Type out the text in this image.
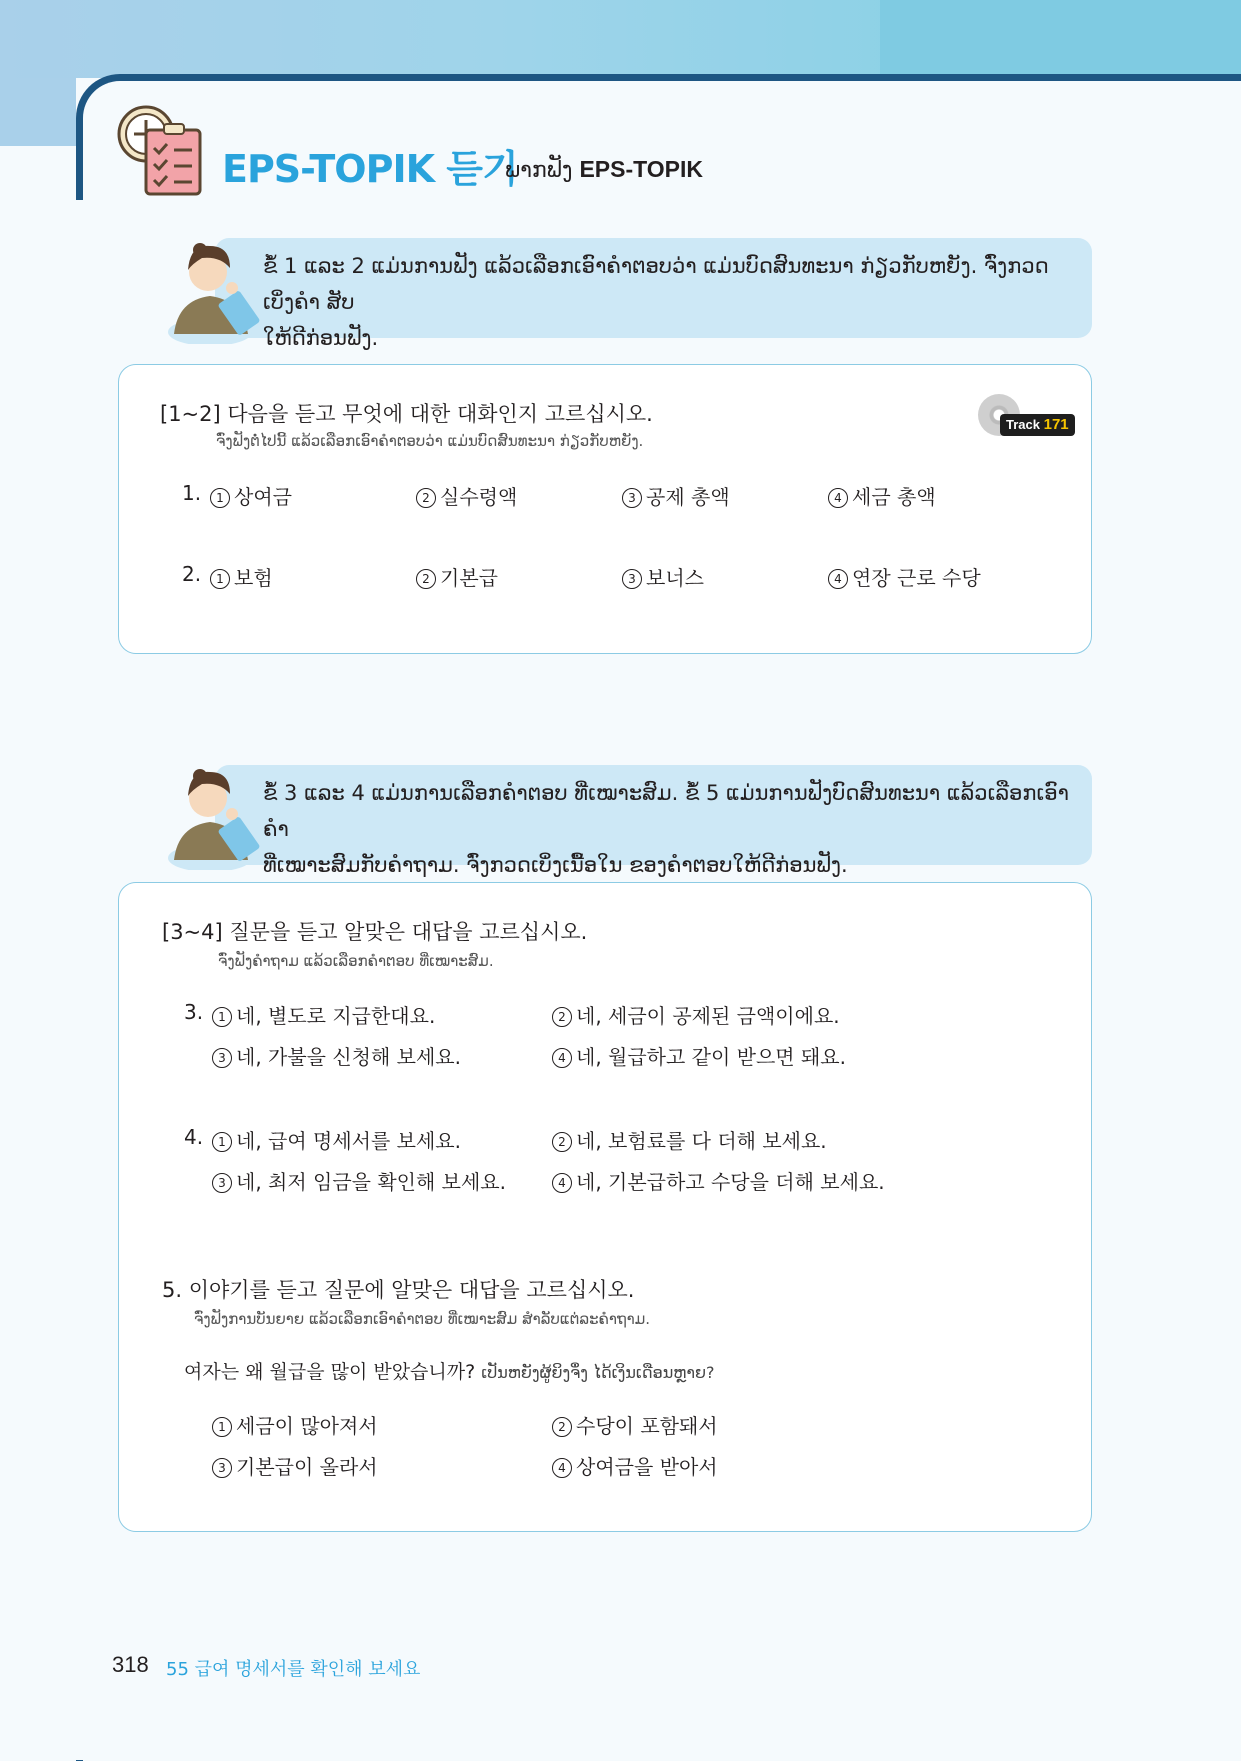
EPS-TOPIK 듣기
ພາກຟັງ EPS-TOPIK
ຂໍ້ 1 ແລະ 2 ແມ່ນການຟັງ ແລ້ວເລືອກເອົາຄໍາຕອບວ່າ ແມ່ນບົດສົນທະນາ ກ່ຽວກັບຫຍັງ. ຈົ່ງກວດເບິ່ງຄໍາ ສັບ
ໃຫ້ດີກ່ອນຟັງ.
[1~2] 다음을 듣고 무엇에 대한 대화인지 고르십시오.
ຈົ່ງຟັງຕໍ່ໄປນີ້ ແລ້ວເລືອກເອົາຄໍາຕອບວ່າ ແມ່ນບົດສົນທະນາ ກ່ຽວກັບຫຍັງ.
Track 171
1.	1 상여금	2 실수령액	3 공제 총액	4 세금 총액
2.	1 보험	2 기본급	3 보너스	4 연장 근로 수당
ຂໍ້ 3 ແລະ 4 ແມ່ນການເລືອກຄໍາຕອບ ທີ່ເໝາະສົມ. ຂໍ້ 5 ແມ່ນການຟັງບົດສົນທະນາ ແລ້ວເລືອກເອົາຄໍາ
ທີ່ເໝາະສົມກັບຄໍາຖາມ. ຈົ່ງກວດເບິ່ງເນື້ອໃນ ຂອງຄໍາຕອບໃຫ້ດີກ່ອນຟັງ.
[3~4] 질문을 듣고 알맞은 대답을 고르십시오.
ຈົ່ງຟັງຄໍາຖາມ ແລ້ວເລືອກຄໍາຕອບ ທີ່ເໝາະສົມ.
3.	1 네, 별도로 지급한대요.	2 네, 세금이 공제된 금액이에요.
3 네, 가불을 신청해 보세요.	4 네, 월급하고 같이 받으면 돼요.
4.	1 네, 급여 명세서를 보세요.	2 네, 보험료를 다 더해 보세요.
3 네, 최저 임금을 확인해 보세요.	4 네, 기본급하고 수당을 더해 보세요.
5. 이야기를 듣고 질문에 알맞은 대답을 고르십시오.
ຈົ່ງຟັງການບັນຍາຍ ແລ້ວເລືອກເອົາຄໍາຕອບ ທີ່ເໝາະສົມ ສໍາລັບແຕ່ລະຄໍາຖາມ.
여자는 왜 월급을 많이 받았습니까? ເປັນຫຍັງຜູ້ຍິງຈຶ່ງ ໄດ້ເງິນເດືອນຫຼາຍ?
1 세금이 많아져서	2 수당이 포함돼서
3 기본급이 올라서	4 상여금을 받아서
318 55 급여 명세서를 확인해 보세요
